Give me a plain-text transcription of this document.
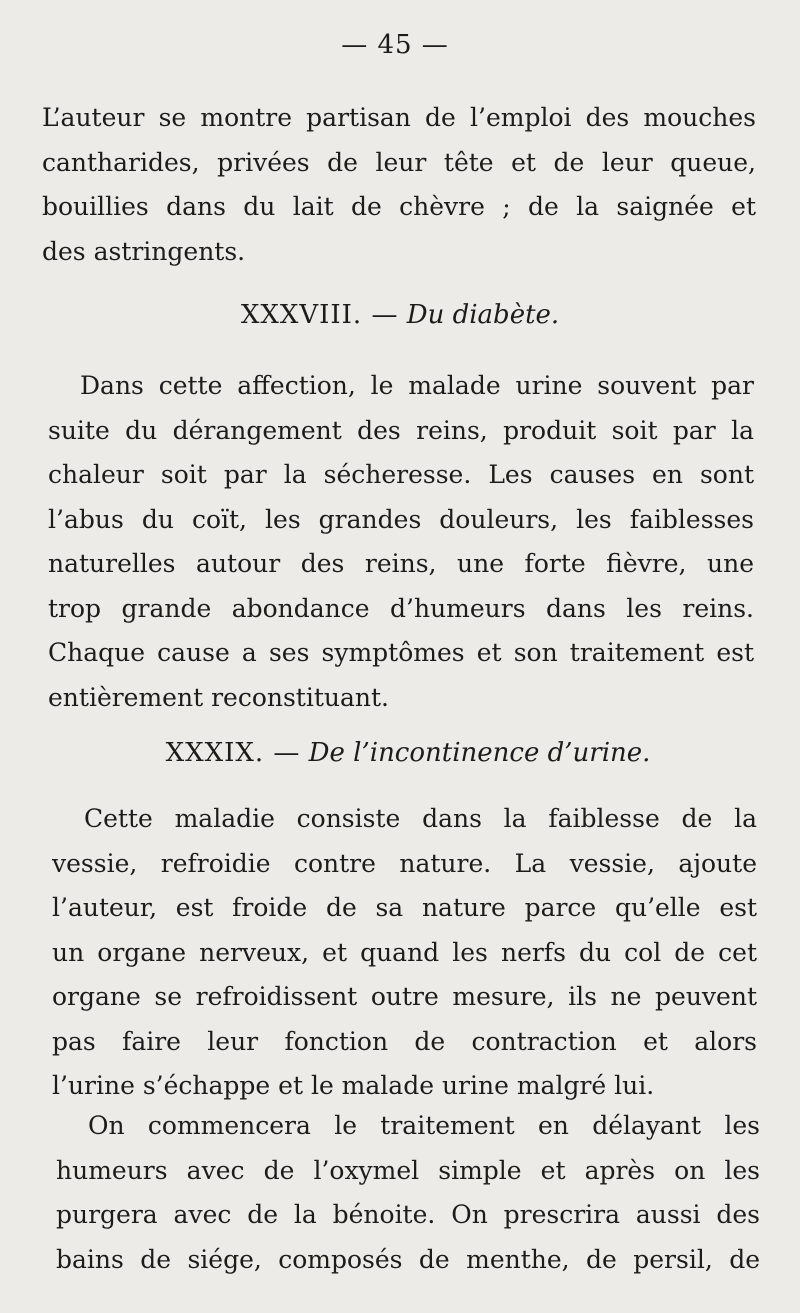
— 45 —
L’auteur se montre partisan de l’emploi des mouches
cantharides, privées de leur tête et de leur queue,
bouillies dans du lait de chèvre ; de la saignée et
des astringents.
XXXVIII. — Du diabète.
Dans cette affection, le malade urine souvent par
suite du dérangement des reins, produit soit par la
chaleur soit par la sécheresse. Les causes en sont
l’abus du coït, les grandes douleurs, les faiblesses
naturelles autour des reins, une forte fièvre, une
trop grande abondance d’humeurs dans les reins.
Chaque cause a ses symptômes et son traitement est
entièrement reconstituant.
XXXIX. — De l’incontinence d’urine.
Cette maladie consiste dans la faiblesse de la
vessie, refroidie contre nature. La vessie, ajoute
l’auteur, est froide de sa nature parce qu’elle est
un organe nerveux, et quand les nerfs du col de cet
organe se refroidissent outre mesure, ils ne peuvent
pas faire leur fonction de contraction et alors
l’urine s’échappe et le malade urine malgré lui.
On commencera le traitement en délayant les
humeurs avec de l’oxymel simple et après on les
purgera avec de la bénoite. On prescrira aussi des
bains de siége, composés de menthe, de persil, de
